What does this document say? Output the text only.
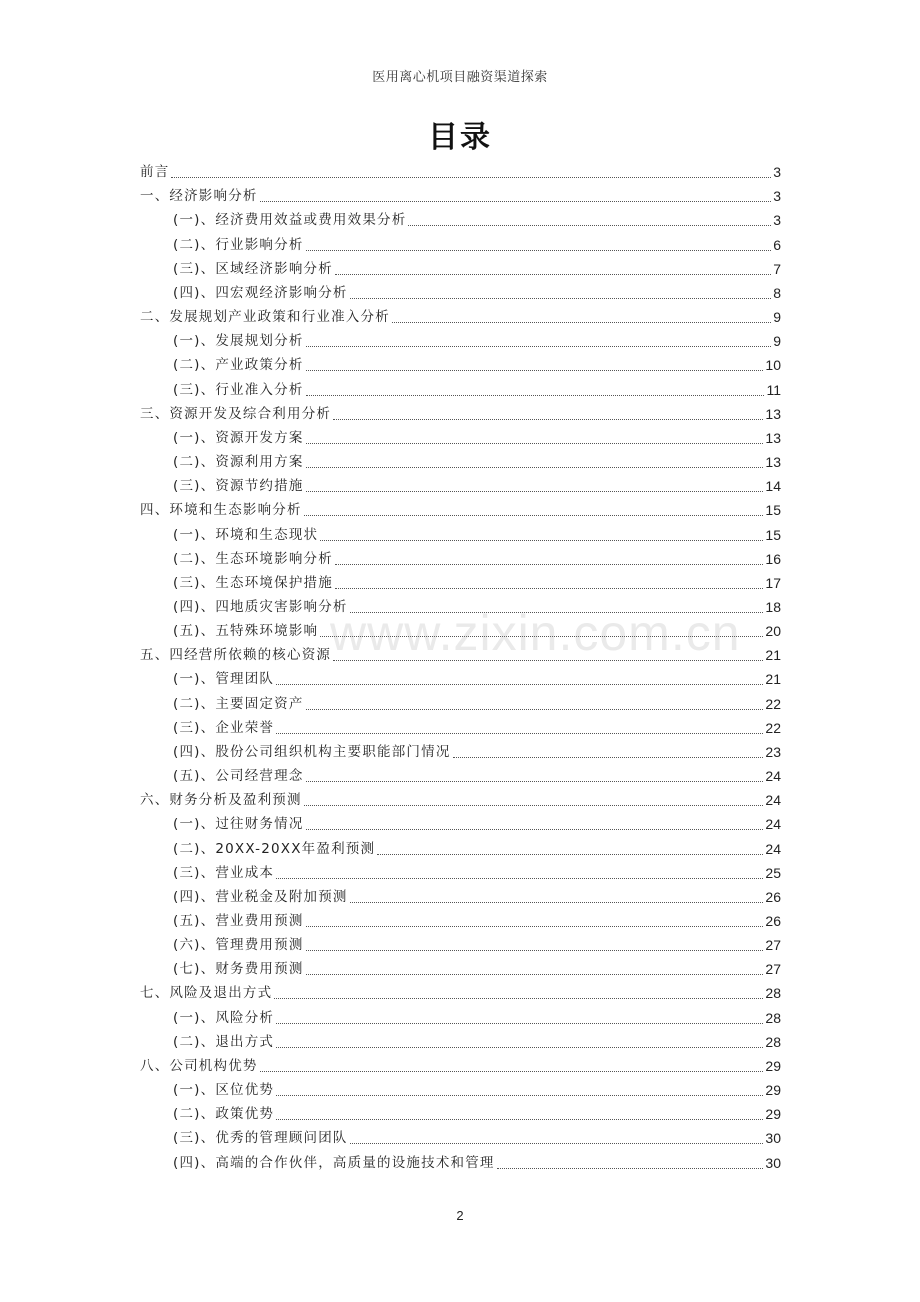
医用离心机项目融资渠道探索
目录
前言	3
一、经济影响分析	3
(一)、经济费用效益或费用效果分析	3
(二)、行业影响分析	6
(三)、区域经济影响分析	7
(四)、四宏观经济影响分析	8
二、发展规划产业政策和行业准入分析	9
(一)、发展规划分析	9
(二)、产业政策分析	10
(三)、行业准入分析	11
三、资源开发及综合利用分析	13
(一)、资源开发方案	13
(二)、资源利用方案	13
(三)、资源节约措施	14
四、环境和生态影响分析	15
(一)、环境和生态现状	15
(二)、生态环境影响分析	16
(三)、生态环境保护措施	17
(四)、四地质灾害影响分析	18
(五)、五特殊环境影响	20
五、四经营所依赖的核心资源	21
(一)、管理团队	21
(二)、主要固定资产	22
(三)、企业荣誉	22
(四)、股份公司组织机构主要职能部门情况	23
(五)、公司经营理念	24
六、财务分析及盈利预测	24
(一)、过往财务情况	24
(二)、20XX-20XX年盈利预测	24
(三)、营业成本	25
(四)、营业税金及附加预测	26
(五)、营业费用预测	26
(六)、管理费用预测	27
(七)、财务费用预测	27
七、风险及退出方式	28
(一)、风险分析	28
(二)、退出方式	28
八、公司机构优势	29
(一)、区位优势	29
(二)、政策优势	29
(三)、优秀的管理顾问团队	30
(四)、高端的合作伙伴，高质量的设施技术和管理	30
www.zixin.com.cn
2
